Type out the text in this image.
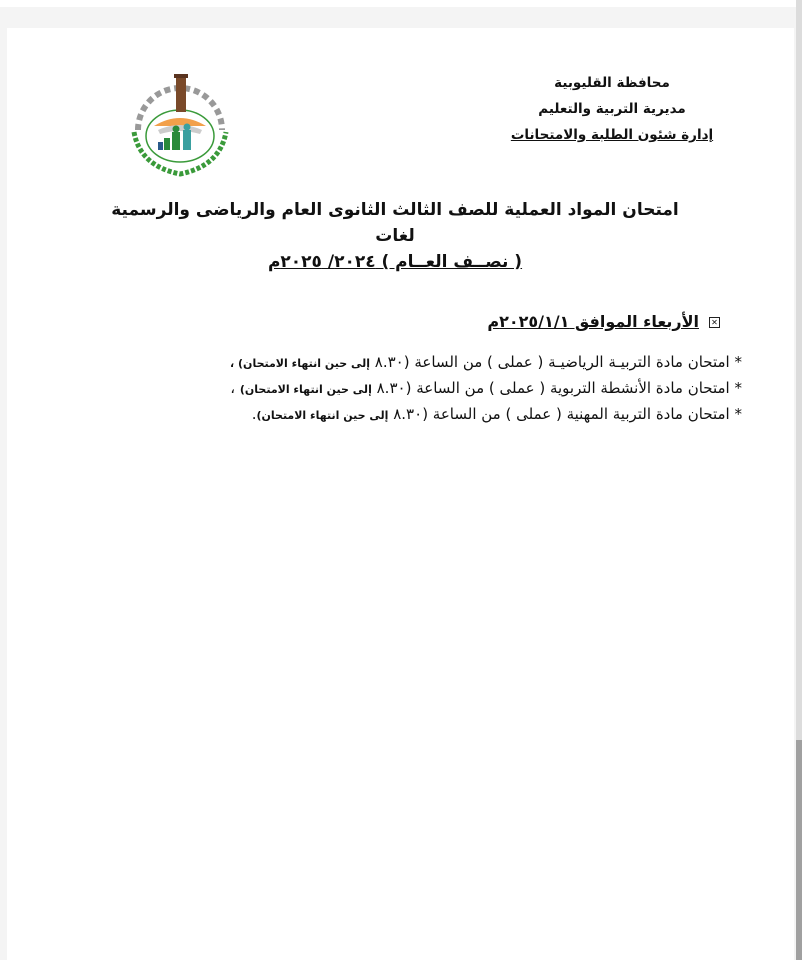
محافظة القليوبية
مديرية التربية والتعليم
إدارة شئون الطلبة والامتحانات
امتحان المواد العملية للصف الثالث الثانوى العام والرياضى والرسمية لغات
( نصــف العــام ) ٢٠٢٤/ ٢٠٢٥م
✕الأربعاء الموافق ٢٠٢٥/١/١م
* امتحان مادة التربيـة الرياضيـة ( عملى ) من الساعة (٨.٣٠ إلى حين انتهاء الامتحان) ،
* امتحان مادة الأنشطة التربوية ( عملى ) من الساعة (٨.٣٠ إلى حين انتهاء الامتحان) ،
* امتحان مادة التربية المهنية ( عملى ) من الساعة (٨.٣٠ إلى حين انتهاء الامتحان).
